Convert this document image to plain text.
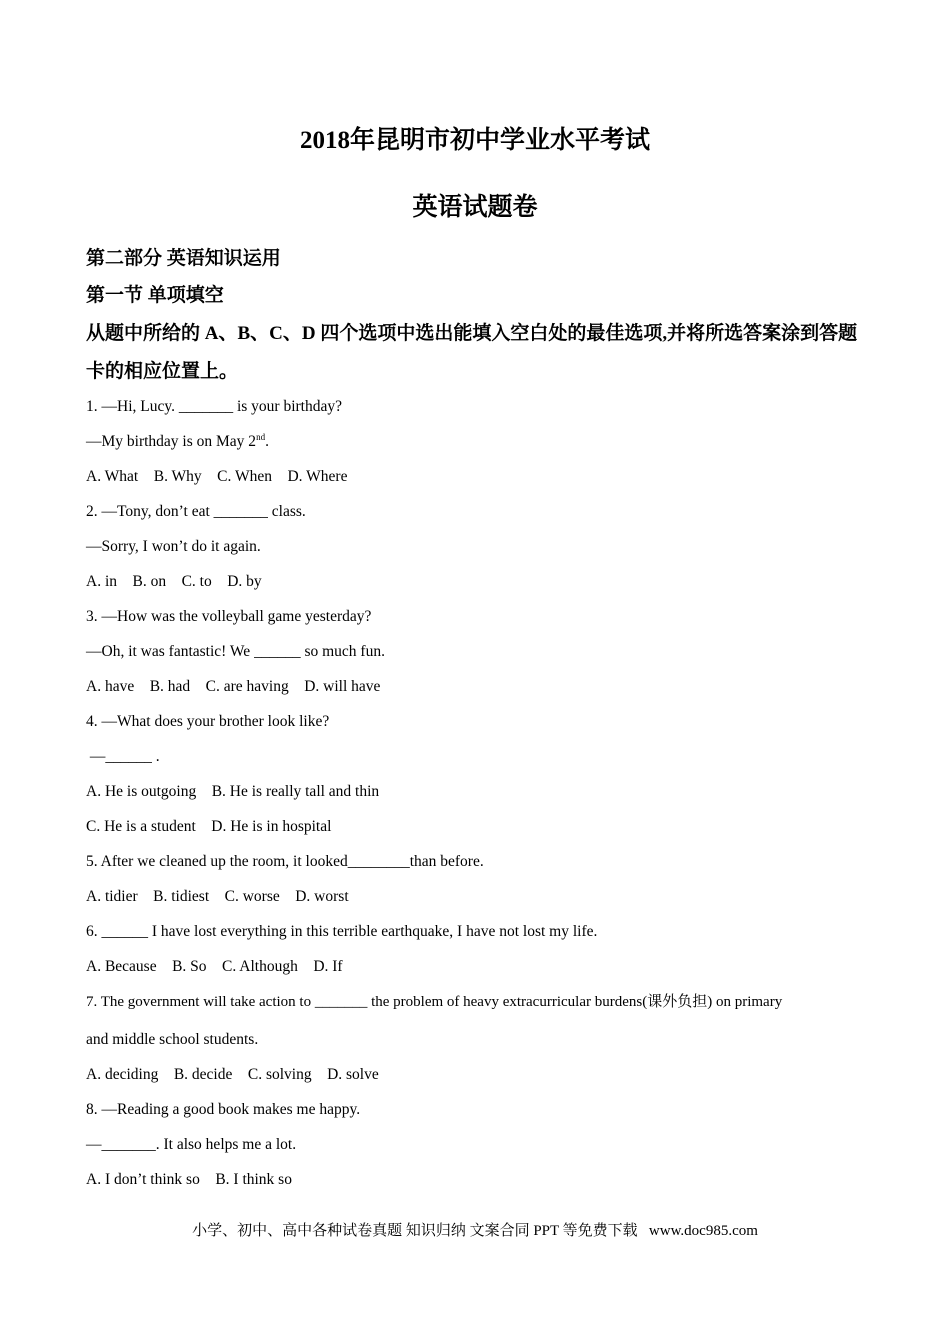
2018年昆明市初中学业水平考试
英语试题卷
第二部分 英语知识运用
第一节 单项填空
从题中所给的 A、B、C、D 四个选项中选出能填入空白处的最佳选项,并将所选答案涂到答题
卡的相应位置上。
1. —Hi, Lucy. _______ is your birthday?
—My birthday is on May 2nd.
A. What    B. Why    C. When    D. Where
2. —Tony, don’t eat _______ class.
—Sorry, I won’t do it again.
A. in    B. on    C. to    D. by
3. —How was the volleyball game yesterday?
—Oh, it was fantastic! We ______ so much fun.
A. have    B. had    C. are having    D. will have
4. —What does your brother look like?
—______ .
A. He is outgoing    B. He is really tall and thin
C. He is a student    D. He is in hospital
5. After we cleaned up the room, it looked________than before.
A. tidier    B. tidiest    C. worse    D. worst
6. ______ I have lost everything in this terrible earthquake, I have not lost my life.
A. Because    B. So    C. Although    D. If
7. The government will take action to _______ the problem of heavy extracurricular burdens(课外负担) on primary
and middle school students.
A. deciding    B. decide    C. solving    D. solve
8. —Reading a good book makes me happy.
—_______. It also helps me a lot.
A. I don’t think so    B. I think so
小学、初中、高中各种试卷真题 知识归纳 文案合同 PPT 等免费下载   www.doc985.com
